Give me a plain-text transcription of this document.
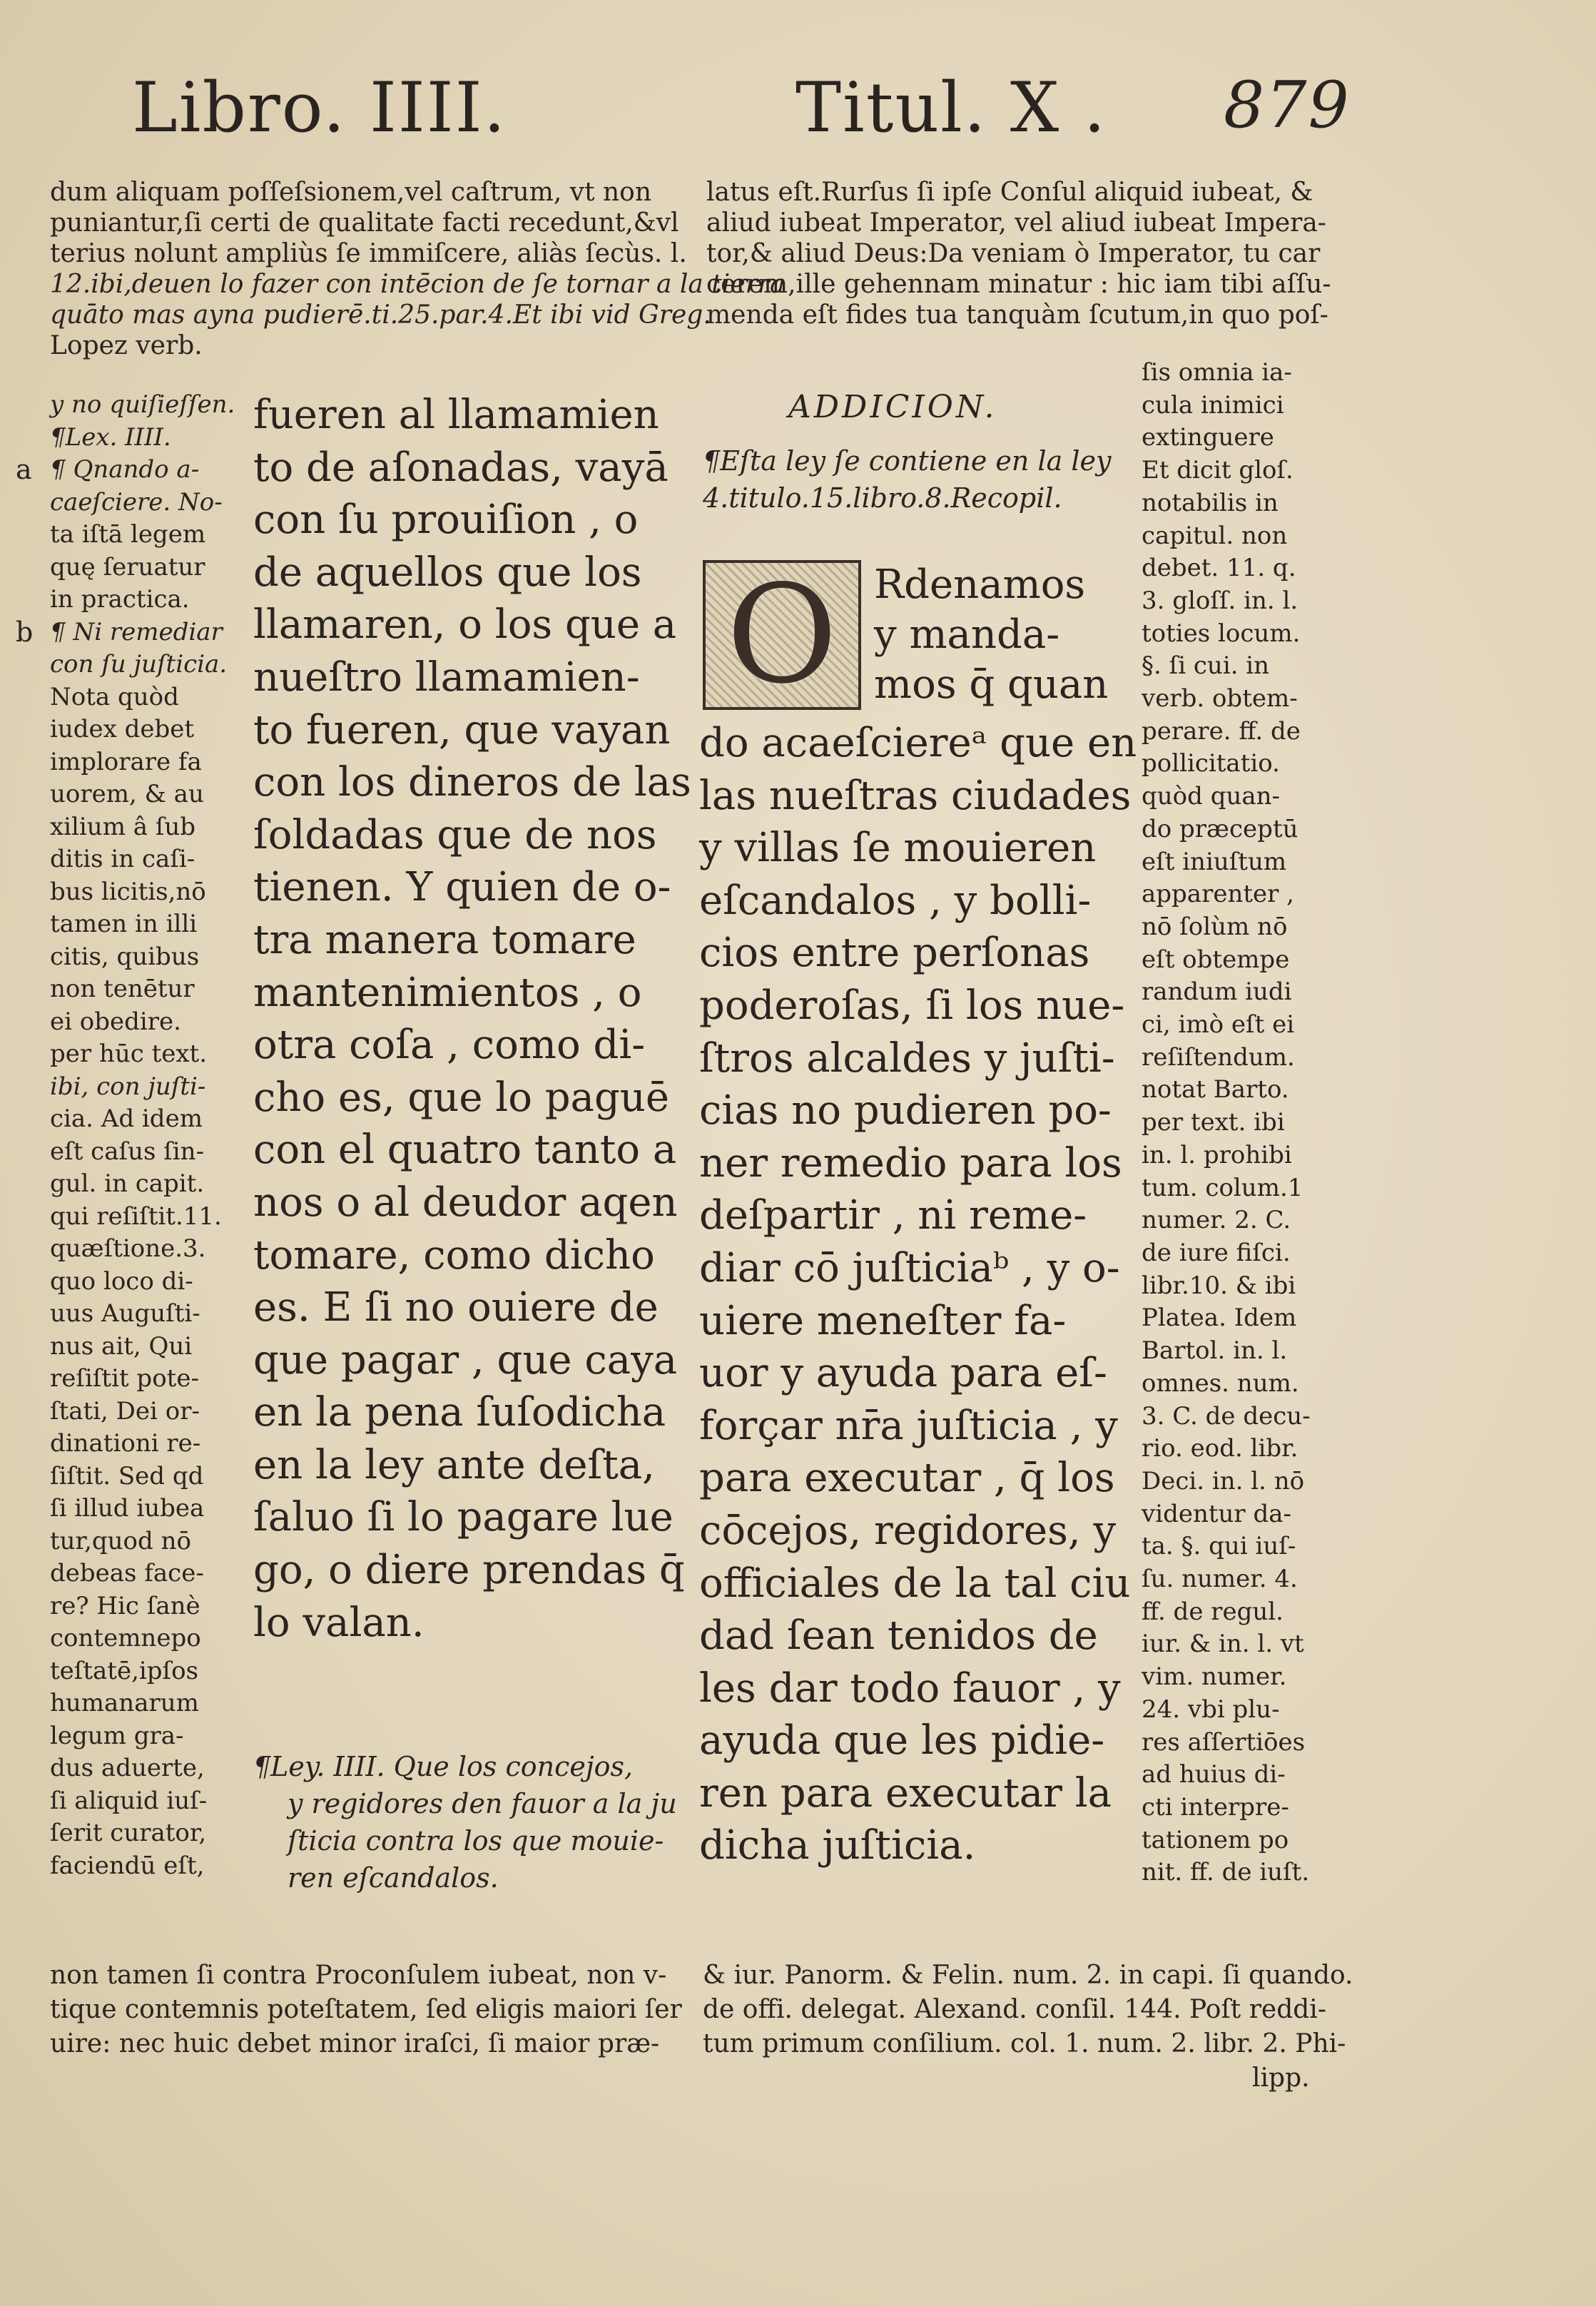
Libro. IIII.	Titul. X . 879
dum aliquam poſſeſsionem,vel caſtrum, vt non
puniantur,ſi certi de qualitate facti recedunt,&vl
terius nolunt ampliùs ſe immiſcere, aliàs ſecùs. l.
12.ibi,deuen lo fazer con intēcion de ſe tornar a la tierra
quāto mas ayna pudierē.ti.25.par.4.Et ibi vid Greg.
Lopez verb.
latus eſt.Rurſus ſi ipſe Conſul aliquid iubeat, &
aliud iubeat Imperator, vel aliud iubeat Impera-
tor,& aliud Deus:Da veniam ò Imperator, tu car
cerem,ille gehennam minatur : hic iam tibi aſſu-
menda eſt fides tua tanquàm ſcutum,in quo poſ-
y no quiſieſſen.
¶Lex. IIII.
¶ Qnando a-
caeſciere. No-
ta iſtā legem
quę ſeruatur
in practica.
¶ Ni remediar
con ſu juſticia.
Nota quòd
iudex debet
implorare fa
uorem, & au
xilium â ſub
ditis in caſi-
bus licitis,nō
tamen in illi
citis, quibus
non tenētur
ei obedire.
per hūc text.
ibi, con juſti-
cia. Ad idem
eſt caſus ſin-
gul. in capit.
qui reſiſtit.11.
quæſtione.3.
quo loco di-
uus Auguſti-
nus ait, Qui
reſiſtit pote-
ſtati, Dei or-
dinationi re-
ſiſtit. Sed qd
ſi illud iubea
tur,quod nō
debeas face-
re? Hic ſanè
contemnepo
teſtatē,ipſos
humanarum
legum gra-
dus aduerte,
ſi aliquid iuſ-
ſerit curator,
faciendū eſt,
a
b
fueren al llamamien
to de aſonadas, vayā
con ſu prouiſion , o
de aquellos que los
llamaren, o los que a
nueſtro llamamien-
to fueren, que vayan
con los dineros de las
ſoldadas que de nos
tienen. Y quien de o-
tra manera tomare
mantenimientos , o
otra coſa , como di-
cho es, que lo paguē
con el quatro tanto a
nos o al deudor aqen
tomare, como dicho
es. E ſi no ouiere de
que pagar , que caya
en la pena ſuſodicha
en la ley ante deſta,
ſaluo ſi lo pagare lue
go, o diere prendas q̄
lo valan.
¶Ley. IIII. Que los concejos,
y regidores den fauor a la ju
ſticia contra los que mouie-
ren eſcandalos.
ADDICION.
¶Eſta ley ſe contiene en la ley
4.titulo.15.libro.8.Recopil.
O Rdenamos
y manda-
mos q̄ quan
do acaeſciereᵃ que en
las nueſtras ciudades
y villas ſe mouieren
eſcandalos , y bolli-
cios entre perſonas
poderoſas, ſi los nue-
ſtros alcaldes y juſti-
cias no pudieren po-
ner remedio para los
deſpartir , ni reme-
diar cō juſticiaᵇ , y o-
uiere meneſter fa-
uor y ayuda para eſ-
forçar nr̄a juſticia , y
para executar , q̄ los
cōcejos, regidores, y
officiales de la tal ciu
dad ſean tenidos de
les dar todo fauor , y
ayuda que les pidie-
ren para executar la
dicha juſticia.
ſis omnia ia-
cula inimici
extinguere
Et dicit gloſ.
notabilis in
capitul. non
debet. 11. q.
3. gloſſ. in. l.
toties locum.
§. ſi cui. in
verb. obtem-
perare. ff. de
pollicitatio.
quòd quan-
do præceptū
eſt iniuſtum
apparenter ,
nō ſolùm nō
eſt obtempe
randum iudi
ci, imò eſt ei
reſiſtendum.
notat Barto.
per text. ibi
in. l. prohibi
tum. colum.1
numer. 2. C.
de iure fiſci.
libr.10. & ibi
Platea. Idem
Bartol. in. l.
omnes. num.
3. C. de decu-
rio. eod. libr.
Deci. in. l. nō
videntur da-
ta. §. qui iuſ-
ſu. numer. 4.
ff. de regul.
iur. & in. l. vt
vim. numer.
24. vbi plu-
res aſſertiōes
ad huius di-
cti interpre-
tationem po
nit. ff. de iuſt.
non tamen ſi contra Proconſulem iubeat, non v-
tique contemnis poteſtatem, ſed eligis maiori ſer
uire: nec huic debet minor iraſci, ſi maior præ-
& iur. Panorm. & Felin. num. 2. in capi. ſi quando.
de offi. delegat. Alexand. conſil. 144. Poſt reddi-
tum primum conſilium. col. 1. num. 2. libr. 2. Phi-
lipp.
